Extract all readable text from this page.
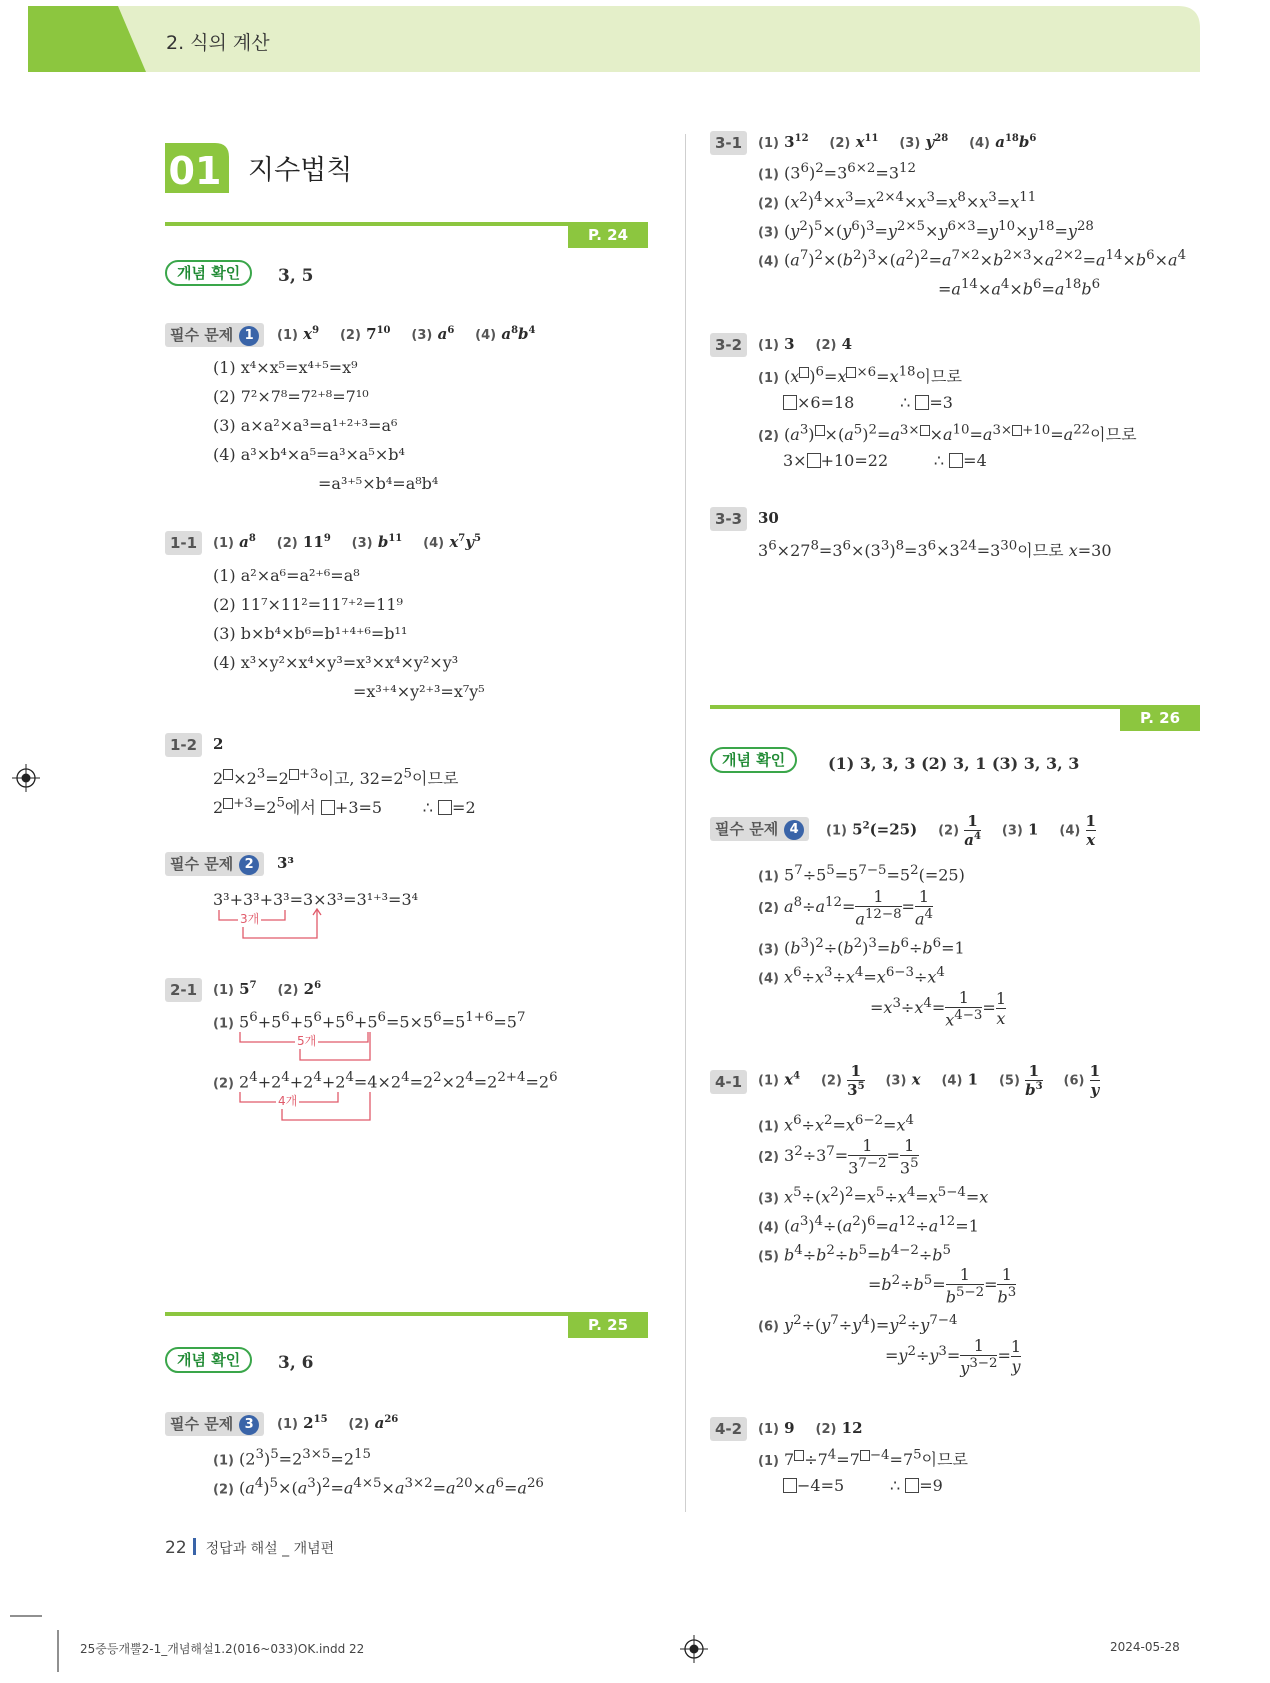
2. 식의 계산
01 지수법칙
P. 24
개념 확인	3, 5
필수 문제 1	(1) $x^9$ (2) $7^{10}$ (3) $a^6$ (4) $a^8b^4$
(1) x⁴×x⁵=x⁴⁺⁵=x⁹
(2) 7²×7⁸=7²⁺⁸=7¹⁰
(3) a×a²×a³=a¹⁺²⁺³=a⁶
(4) a³×b⁴×a⁵=a³×a⁵×b⁴
=a³⁺⁵×b⁴=a⁸b⁴
1-1	(1) $a^8$ (2) $11^9$ (3) $b^{11}$ (4) $x^7y^5$
(1) a²×a⁶=a²⁺⁶=a⁸
(2) 11⁷×11²=11⁷⁺²=11⁹
(3) b×b⁴×b⁶=b¹⁺⁴⁺⁶=b¹¹
(4) x³×y²×x⁴×y³=x³×x⁴×y²×y³
=x³⁺⁴×y²⁺³=x⁷y⁵
1-2	2
$2 \times 2^3=2$ $^{+3}$이고, $32=2^5$이므로
2 $^{+3}=2^5$에서 +3=5        ∴ =2
필수 문제 2	3³
3³+3³+3³=3×3³=3¹⁺³=3⁴
3개
2-1	(1) $5^7$ (2) $2^6$
(1) $5^6+5^6+5^6+5^6+5^6=5\times 5^6=5^{1+6}=5^7$
5개
(2) $2^4+2^4+2^4+2^4=4\times 2^4=2^2\times 2^4=2^{2+4}=2^6$
4개
P. 25
개념 확인	3, 6
필수 문제 3	(1) $2^{15}$ (2) $a^{26}$
(1) $(2^3)^5=2^{3\times 5}=2^{15}$
(2) $(a^4)^5\times(a^3)^2=a^{4\times 5}\times a^{3\times 2}=a^{20}\times a^6=a^{26}$
3-1	(1) $3^{12}$ (2) $x^{11}$ (3) $y^{28}$ (4) $a^{18}b^6$
(1) $(3^6)^2=3^{6\times 2}=3^{12}$
(2) $(x^2)^4\times x^3=x^{2\times 4}\times x^3=x^8\times x^3=x^{11}$
(3) $(y^2)^5\times(y^6)^3=y^{2\times 5}\times y^{6\times 3}=y^{10}\times y^{18}=y^{28}$
(4) $(a^7)^2\times(b^2)^3\times(a^2)^2=a^{7\times 2}\times b^{2\times 3}\times a^{2\times 2}=a^{14}\times b^6\times a^4$
$=a^{14}\times a^4\times b^6=a^{18}b^6$
3-2	(1) 3    (2) 4
(1) (x )$^6$=x $^{\times 6}=x^{18}$이므로
×6=18         ∴ =3
(2) $(a^3) \times(a^5)^2=a^{3\times} \times a^{10}=a^{3\times +10}=a^{22}$이므로
3× +10=22         ∴ =4
3-3	30
$3^6\times 27^8=3^6\times(3^3)^8=3^6\times 3^{24}=3^{30}$이므로 x=30
P. 26
개념 확인	(1) 3, 3, 3 (2) 3, 1 (3) 3, 3, 3
필수 문제 4	(1) $5^2(=25)$    $(2) \frac{1}{a^4} (3)$ 1    $(4) \frac{1}{x}$
(1) $5^7\div 5^5=5^{7-5}=5^2(=25)$
(2) $a^8\div a^{12}= \frac{1}{a^{12-8}} = \frac{1}{a^4}$
(3) $(b^3)^2\div(b^2)^3=b^6\div b^6=1$
(4) $x^6\div x^3\div x^4=x^{6-3}\div x^4$
$=x^3\div x^4= \frac{1}{x^{4-3}} = \frac{1}{x}$
4-1	(1) $x^4$ $(2) \frac{1}{3^5} (3)$ x (4) 1    $(5) \frac{1}{b^3} (6) \frac{1}{y}$
(1) $x^6\div x^2=x^{6-2}=x^4$
(2) $3^2\div 3^7= \frac{1}{3^{7-2}} = \frac{1}{3^5}$
(3) $x^5\div(x^2)^2=x^5\div x^4=x^{5-4}=x$
(4) $(a^3)^4\div(a^2)^6=a^{12}\div a^{12}=1$
(5) $b^4\div b^2\div b^5=b^{4-2}\div b^5$
$=b^2\div b^5= \frac{1}{b^{5-2}} = \frac{1}{b^3}$
(6) $y^2\div(y^7\div y^4)=y^2\div y^{7-4}$
$=y^2\div y^3= \frac{1}{y^{3-2}} = \frac{1}{y}$
4-2	(1) 9    (2) 12
(1) $7 \div 7^4=7$ $^{-4}=7^5$이므로
−4=5         ∴ =9
22 정답과 해설 _ 개념편
25중등개뿔2-1_개념해설1.2(016~033)OK.indd 22	2024-05-28
